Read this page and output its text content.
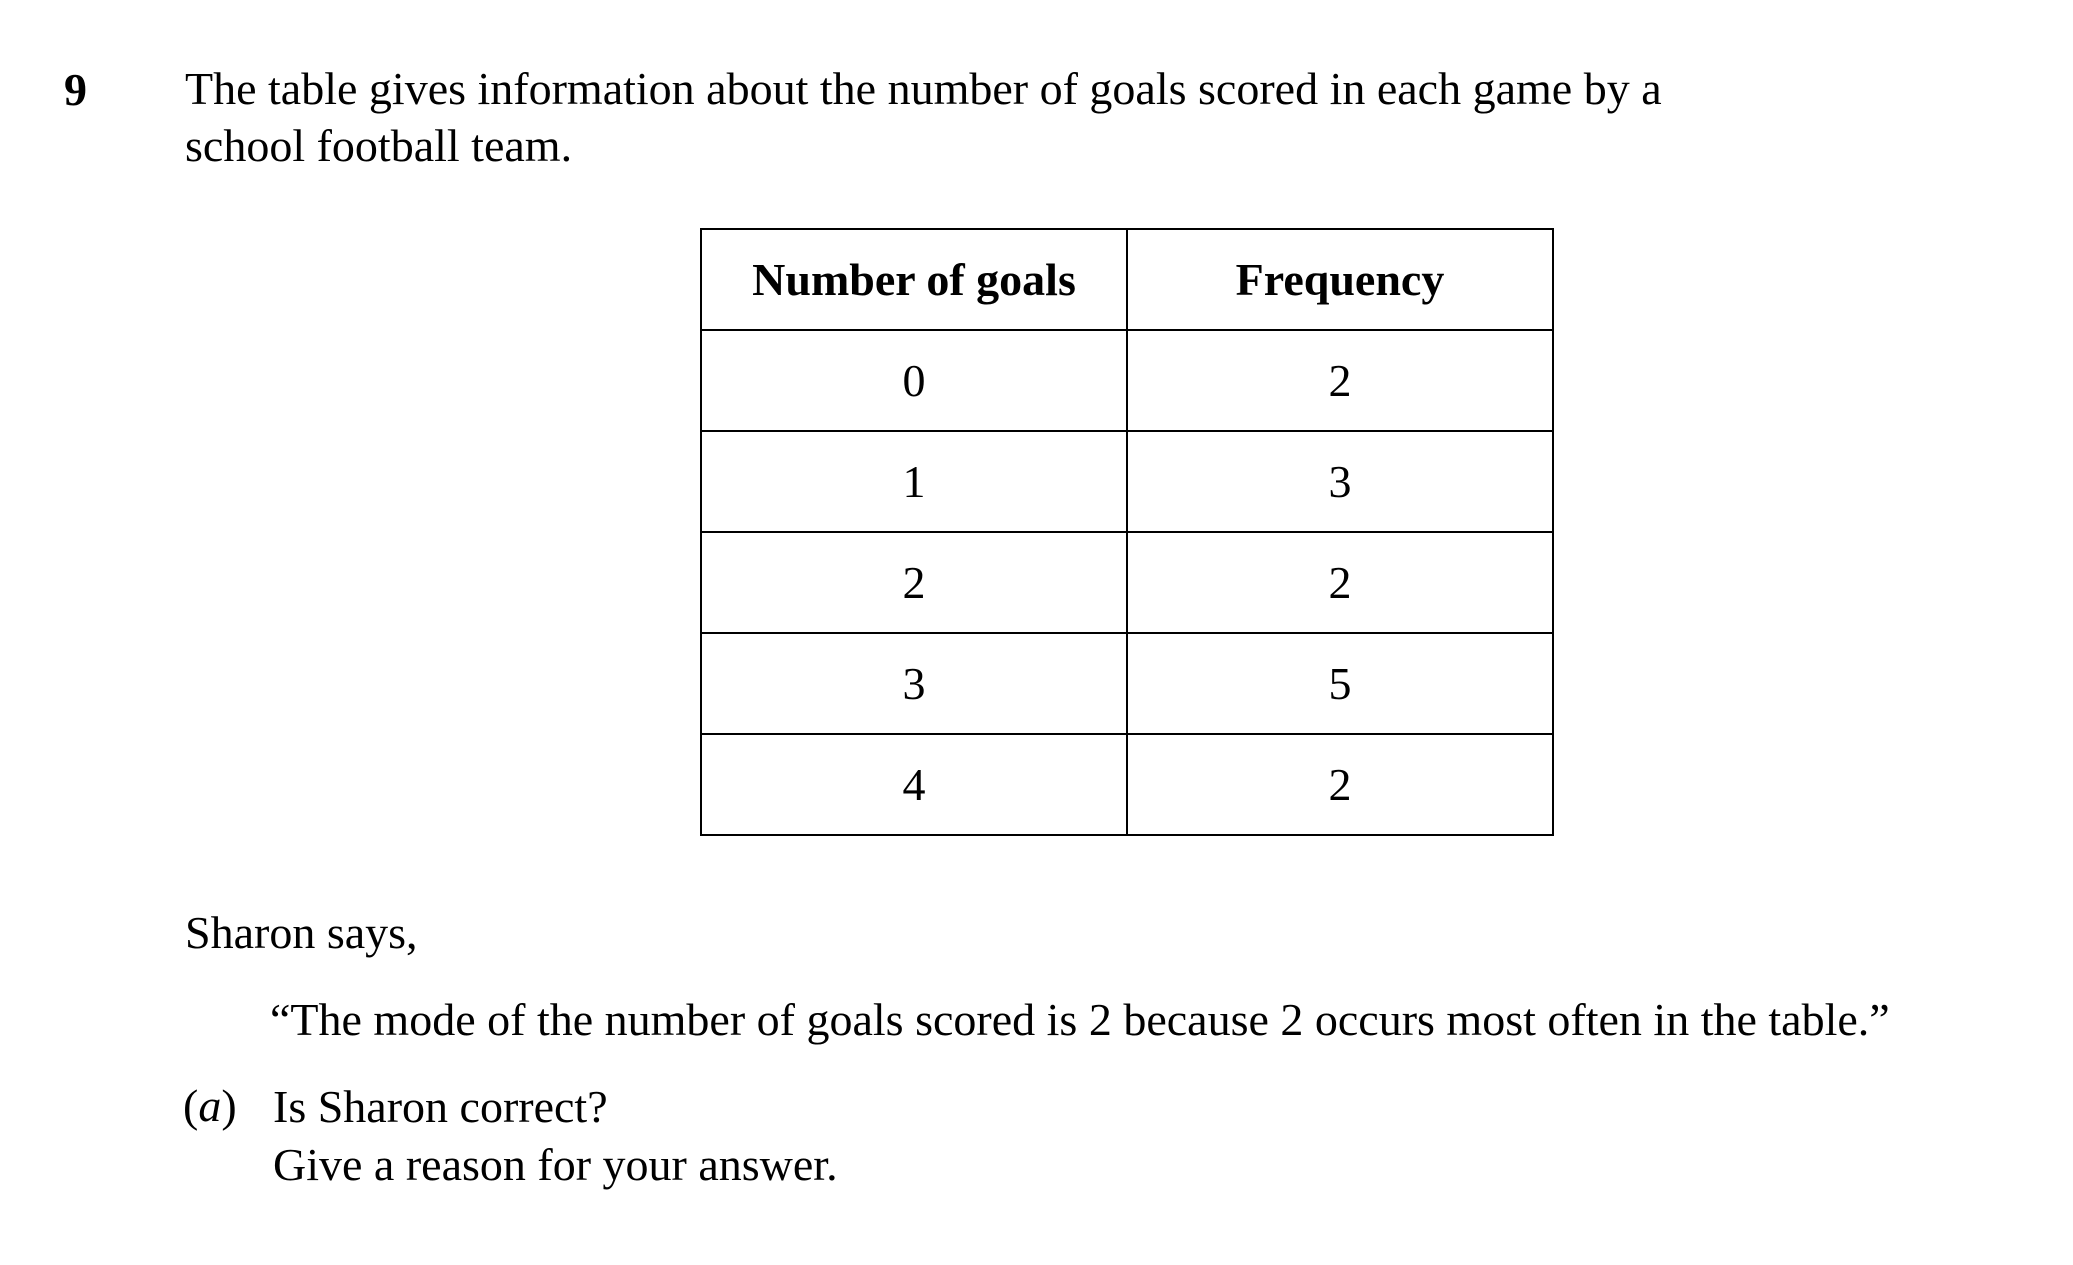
9 The table gives information about the number of goals scored in each game by a
school football team.
Number of goals	Frequency
0	2
1	3
2	2
3	5
4	2
Sharon says,
“The mode of the number of goals scored is 2 because 2 occurs most often in the table.”
(a) Is Sharon correct?
Give a reason for your answer.
